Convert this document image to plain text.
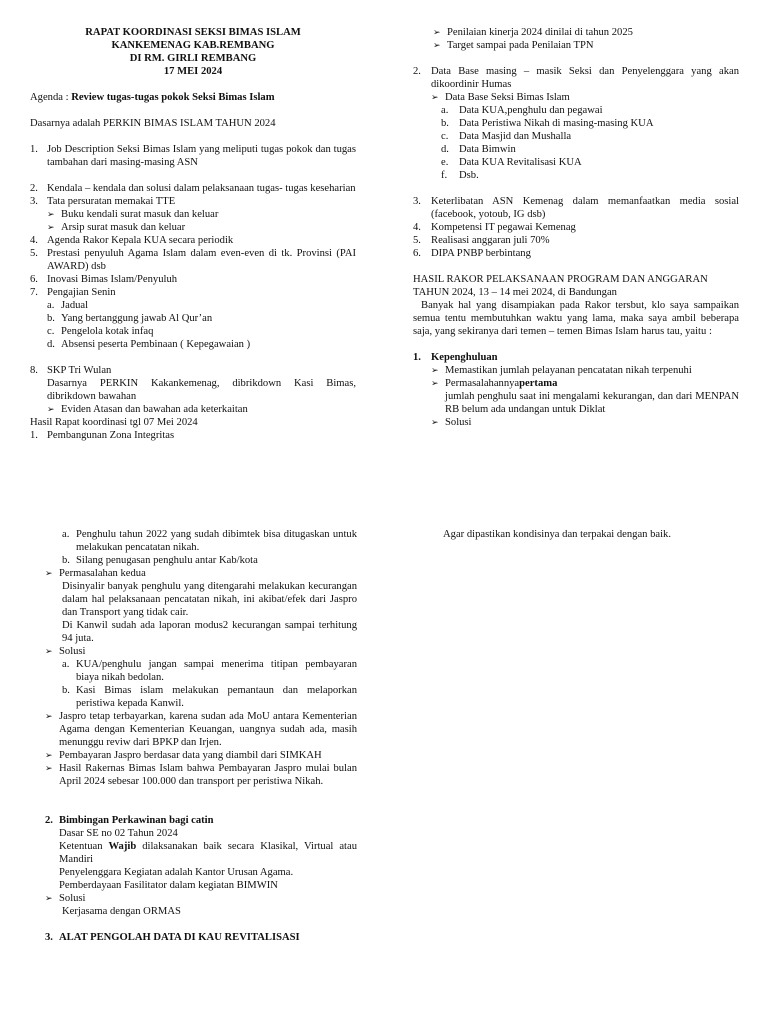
RAPAT KOORDINASI SEKSI BIMAS ISLAM

KANKEMENAG KAB.REMBANG

DI RM. GIRLI REMBANG

17 MEI 2024

Agenda : Review tugas-tugas pokok Seksi Bimas Islam

Dasarnya adalah PERKIN BIMAS ISLAM TAHUN 2024

1. Job Description Seksi Bimas Islam yang meliputi tugas pokok dan tugas tambahan dari masing-masing ASN
2. Kendala – kendala dan solusi dalam pelaksanaan tugas- tugas keseharian
3. Tata persuratan memakai TTE
➢ Buku kendali surat masuk dan keluar
➢ Arsip surat masuk dan keluar
4. Agenda Rakor Kepala KUA secara periodik
5. Prestasi penyuluh Agama Islam dalam even-even di tk. Provinsi (PAI AWARD) dsb
6. Inovasi Bimas Islam/Penyuluh
7. Pengajian Senin
a. Jadual
b. Yang bertanggung jawab Al Qur’an
c. Pengelola kotak infaq
d. Absensi peserta Pembinaan ( Kepegawaian )
8. SKP Tri Wulan

Dasarnya PERKIN Kakankemenag, dibrikdown Kasi Bimas, dibrikdown bawahan

➢ Eviden Atasan dan bawahan ada keterkaitan

Hasil Rapat koordinasi tgl 07 Mei 2024

1. Pembangunan Zona Integritas
➢ Penilaian kinerja 2024 dinilai di tahun 2025
➢ Target sampai pada Penilaian TPN
2. Data Base masing – masik Seksi dan Penyelenggara yang akan dikoordinir Humas
➢ Data Base Seksi Bimas Islam
a.	Data KUA,penghulu dan pegawai
b. Data Peristiwa Nikah di masing-masing KUA
c.	Data Masjid dan Mushalla
d. Data Bimwin
e.	Data KUA Revitalisasi KUA
f.	Dsb.
3. Keterlibatan ASN Kemenag dalam memanfaatkan media sosial (facebook, yotoub, IG dsb)
4. Kompetensi IT pegawai Kemenag
5. Realisasi anggaran juli 70%
6. DIPA PNBP berbintang

HASIL RAKOR PELAKSANAAN PROGRAM DAN ANGGARAN TAHUN 2024, 13 – 14 mei 2024, di Bandungan

Banyak hal yang disampiakan pada Rakor tersbut, klo saya sampaikan semua tentu membutuhkan waktu yang lama, maka saya ambil beberapa saja, yang sekiranya dari temen – temen Bimas Islam harus tau, yaitu :

1. Kepenghuluan
➢ Memastikan jumlah pelayanan pencatatan nikah terpenuhi
➢ Permasalahannyapertama

jumlah penghulu saat ini mengalami kekurangan, dan dari MENPAN RB belum ada undangan untuk Diklat

➢ Solusi
a. Penghulu tahun 2022 yang sudah dibimtek bisa ditugaskan untuk melakukan pencatatan nikah.
b. Silang penugasan penghulu antar Kab/kota
➢ Permasalahan kedua

Disinyalir banyak penghulu yang ditengarahi melakukan kecurangan dalam hal pelaksanaan pencatatan nikah, ini akibat/efek dari Jaspro dan Transport yang tidak cair.

Di Kanwil sudah ada laporan modus2 kecurangan sampai terhitung 94 juta.

➢ Solusi
a. KUA/penghulu jangan sampai menerima titipan pembayaran biaya nikah bedolan.
b. Kasi Bimas islam melakukan pemantaun dan melaporkan peristiwa kepada Kanwil.
➢ Jaspro tetap terbayarkan, karena sudan ada MoU antara Kementerian Agama dengan Kementerian Keuangan, uangnya sudah ada, masih menunggu reviw dari BPKP dan Irjen.
➢ Pembayaran Jaspro berdasar data yang diambil dari SIMKAH
➢ Hasil Rakernas Bimas Islam bahwa Pembayaran Jaspro mulai bulan April 2024 sebesar 100.000 dan transport per peristiwa Nikah.
2. Bimbingan Perkawinan bagi catin

Dasar SE no 02 Tahun 2024

Ketentuan Wajib dilaksanakan baik secara Klasikal, Virtual atau Mandiri

Penyelenggara Kegiatan adalah Kantor Urusan Agama.

Pemberdayaan Fasilitator dalam kegiatan BIMWIN

➢ Solusi

Kerjasama dengan ORMAS

3. ALAT PENGOLAH DATA DI KAU REVITALISASI

Agar dipastikan kondisinya dan terpakai dengan baik.
